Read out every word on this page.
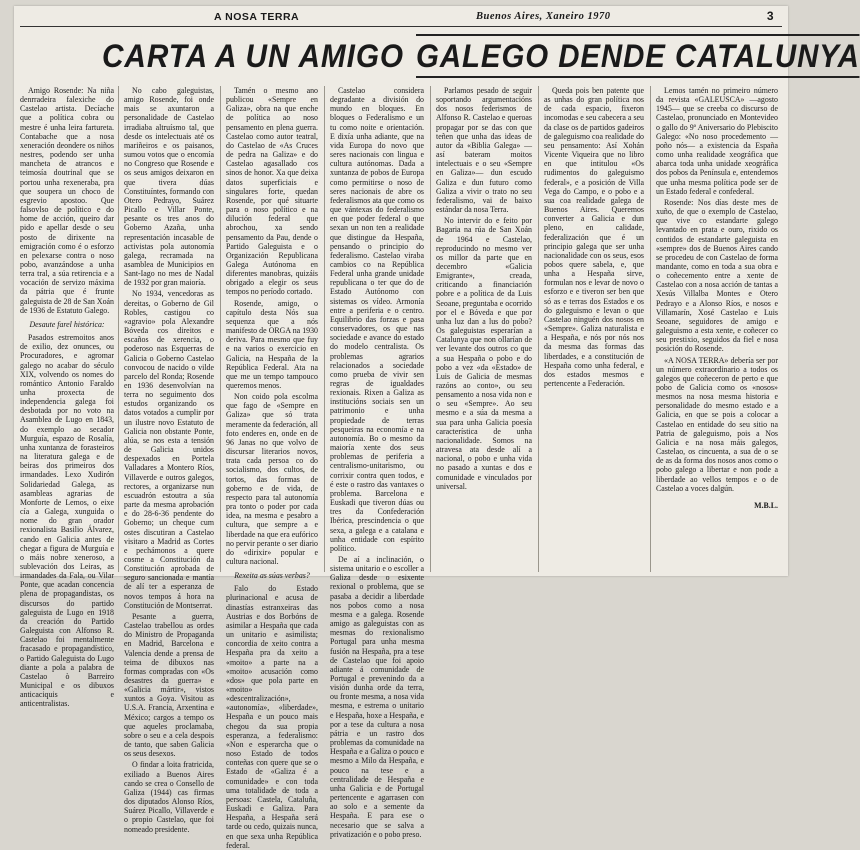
A NOSA TERRA	Buenos Aires, Xaneiro 1970	3
CARTA A UN AMIGO GALEGO DENDE CATALUNYA

Amigo Rosende: Na niña denrradeira falexiche do Castelao artista. Decíache que a política cobra ou mestre é unha leira fartureta. Contabache que a nosa xeneración deondere os niños nestres, podendo ser unha mancheta de atrancos e teimosía doutrinal que se portou unha rexeneraba, pra que soupera un choco de esgrevio apostoo. Que falsovlso de político e do home de acción, queiro dar pido e apellar desde o seu posto de dirixente na emigración como é o esforzo en pelexarse contra o noso pobo, avanzándose a unha terra tral, a súa retirencia e a vocación de servizo máxima da pátria que é frunte galeguista de 28 de San Xoán de 1936 de Estatuto Galego.

Desaute farel histórica:

Pasados estremoitos anos de exilio, dez onunces, ou Procuradores, e agromar galego no acabar do século XIX, volvendo os nomes do romántico Antonio Faraldo unha proxecta de independencia galega foi desbotada por no voto na Asamblea de Lugo en 1843, do exemplo ao secador Murguía, espazo de Rosalía, unha xuntanza de forasteiros na literatura galega e de beiras dos primeiros dos irmandades. Lexo Xudirón Solidariedad Galega, as asambleas agrarias de Monforte de Lemos, o eixe cía a Galega, xunguida o nome do gran orador rexionalista Basilio Álvarez, cando en Galicia antes de chegar a figura de Murguía e o máis nobre xeneroso, a sublevación dos Leiras, as irmandades da Fala, ou Vilar Ponte, que acadan concencia plena de propagandistas, os discursos do partido galeguista de Lugo en 1918 da creación do Partido Galeguista con Alfonso R. Castelao foi mentalmente fracasado e propagandístico, o Partido Galeguista do Lugo diante a pola a palabra de Castelao ò Barreiro Municipal e os dibuxos anticaciquis e anticentralistas.

No cabo galeguistas, amigo Rosende, foi onde mais se axuntaron a personalidade de Castelao irradiaba altruísmo tal, que desde os intelectuais até os mariñeiros e os paisanos, sumou votos que o encomía no Congreso que Rosende e os seus amigos deixaron en que tivera dúas Constituíntes, formando con Otero Pedrayo, Suárez Picallo e Villar Ponte, pesante os tres anos do Goberno Azaña, unha representación incasable de activistas pola autonomía galega, recramada na asamblea de Municipios en Sant-Iago no mes de Nadal de 1932 por gran maioría.

No 1934, vencedoras as dereitas, o Goberno de Gil Robles, castigou co «agravio» pola Alexandre Bóveda cos direitos e escaños de xerencia, o poderoso nas Esquerras de Galicia o Goberno Castelao convocou de nacido o vilde parcelo del Ronda; Rosende en 1936 desenvolvían na terra no seguimento dos estudos organizando os datos votados a cumplir por un ilustre novo Estatuto de Galicia non obstante Ponte, alúa, se nos esta a tensión de Galicia unidos despexados en Portela Valladares a Montero Ríos, Villaverde e outros galegos, rectores, a organizarse nun escuadrón estoutra a súa parte da mesma aprobación e do 28-6-36 pendente do Goberno; un cheque cum ostes discutiran a Castelao visitaro a Madrid as Cortes e pechámonos a quere cosme a Constitución da Constitución aprobada de seguro sancionada e mantía de alí ter a esperanza de novos tempos á hora na Constitución de Montserrat.

Pesante a guerra, Castelao trabellou as ordes do Ministro de Propaganda en Madrid, Barcelona e Valencia dende a prensa de teima de dibuxos nas formas compradas con «Os desastres da guerra» e «Galicia mártir», vistos xuntos a Goya. Visitou as U.S.A. Francia, Arxentina e México; cargos a tempo os que aqueles proclamaba, sobre o seu e a cela despois de tanto, que saben Galicia os seus desexos.

O findar a loita fratricida, exiliado a Buenos Aires cando se crea o Consello de Galiza (1944) cas firmas dos diputados Alonso Ríos, Suárez Picallo, Villaverde e o propio Castelao, que foi nomeado presidente.

Tamén o mesmo ano publicou «Sempre en Galiza», obra na que enche de política ao noso pensamento en plena guerra. Castelao como autor teatral, do Castelao de «As Cruces de pedra na Galiza» e do Castelao agasallado cos sinos de honor. Xa que deixa datos superficiais e singulares forte, quedan Rosende, por qué situarte para o noso político e na dilución federal que abrochou, xa sendo pensamento da Pau, dende o Partido Galeguista e o Organización Republicana Galega Autónoma en diferentes manobras, quizáis obrigado a elegir os seus tempos no período cortado.

Rosende, amigo, o capítulo desta Nós sua sequenza que a nós manifesto de ORGA na 1930 deriva. Para mesmo que fuy e na varios o exercicio en Galicia, na Hespaña de la República Federal. Ata na que me un tempo tampouco queremos menos.

Non coido pola escolma que fago de «Sempre en Galiza» que só trata meramente da federación, all foto enderes en, onde en de 96 Janas no que volvo de discursar literarios novos, trata cada persoa co do socialismo, dos cultos, de tortos, das formas de goberno e de vida, de respecto para tal autonomía pra tonto o poder por cada idea, na mesma e pesabro a cultura, que sempre a e liberdade na que era eufórico no pervir perante o ser diario do «dirixir» popular e cultura nacional.

Rexeita as súas verbas?

Falo do Estado plurinacional e acusa de dinastías estranxeiras das Austrias e dos Borbóns de asimilar a Hespaña que cada un unitario e asimilista; concordia de xeito contra a Hespaña pra da xeito a «moito» a parte na a «moito» acusación como «dos» que pola parte en «moito» «descentralización», «autonomía», «liberdade», Hespaña e un pouco mais chegou da sua propia esperanza, a federalismo: «Non e esperarcha que o noso Estado de todos conteñas con quere que se o Estado de «Galiza é a comunidade» e con toda uma totalidade de toda a persoas: Castela, Cataluña, Euskadi e Galiza. Para Hespaña, a Hespaña será tarde ou cedo, quizais nunca, en que sexa unha República federal.

Castelao considera degradante a división do mundo en bloques. En bloques o Federalismo e un tu como noite e orientación. E dixía unha adiante, que na vida Europa do novo que seres nacionais con lingua e cultura autónomas. Dada a xuntanza de pobos de Europa como permitirse o noso de seres nacionais de abre os federalismos ata que como os que vántexas do federalismo en que poder federal o que sexan un non ten a realidade que distingue da Hespaña, pensando o principio do federalismo. Castelao viraba cambios co na República Federal unha grande unidade republicana o ter que do de Estado Autónomo con sistemas os vídeo. Armonía entre a periferia e o centro. Equilibrio das forzas e pasa conservadores, os que nas sociedade e avance do estado do modelo centralista. Os problemas agrarios relacionados a sociedade como prueba de vivir sen regras de igualdades rexionais. Rixen a Galiza as institucións sociais sen un patrimonio e unha propiedade de terras pesqueiras na economía e na autonomía. Bo o mesmo da maioría xente dos seus problemas de periferia a centralismo-unitarismo, ou corrixir contra quen todos, e é este o rastro das vantaxes o problema. Barcelona e Euskadi que tiveron dúas ou tres da Confederación Ibérica, prescindencia o que sexa, a galega e a catalana e unha entidade con espírito político.

De aí a inclinación, o sistema unitario e o escoller a Galiza desde o esixente rexional o problema, que se pasaba a decidir a liberdade nos pobos como a nosa mesma e a galega. Rosende amigo as galeguistas con as mesmas do rexionalismo Portugal para unha mesma fusión na Hespaña, pra a tese de Castelao que foi apoio adiante á comunidade de Portugal e prevenindo da a visión dunha orde da terra, ou fronte mesma, a nosa vida mesma, e estrema o unitario e Hespaña, hoxe a Hespaña, e por a tese da cultura a nosa pátria e un rastro dos problemas da comunidade na Hespaña e a Galiza o pouco e mesmo a Milo da Hespaña, e pouco na tese e a centralidade de Hespaña e unha Galicia e de Portugal pertencente e agarrasen con ao solo e a semente da Hespaña. E para ese o necesario que se salva a privatización e o pobo preso.

Parlamos pesado de seguir soportando argumentacións dos nosos federismos de Alfonso R. Castelao e queroas propagar por se das con que teñen que unha das ideas de autor da «Biblia Galega» —así bateram moitos intelectuais e o seu «Sempre en Galiza»— dun escudo Galiza e dun futuro como Galiza a vivir o trato no seu federalismo, vai de baixo estándar da nosa Terra.

No intervir do e feito por Bagaria na rúa de San Xoán de 1964 e Castelao, reproducindo no mesmo ver os millor da parte que en decembro «Galicia Emigrante», creada, criticando a financiación pobre e a política de da Luis Seoane, preguntaba e ocorrido por el e Bóveda e que por unha luz dan a lus do pobo? Os galeguistas esperarían a Catalunya que non ollarían de ver levante dos outros co que a sua Hespaña o pobo e do pobo a vez «da «Estado» de Luis de Galicia de mesmas razóns ao conto», ou seu pensamento a nosa vida non e o seu «Sempre». Ao seu mesmo e a súa da mesma a sua para unha Galicia poesía característica de unha nacionalidade. Somos na atravesa ata desde alí a nacional, o pobo e unha vida no pasado a xuntas e dos e comunidade e vinculados por universal.

Queda pois ben patente que as unhas do gran política nos de cada espacio, fixeron incomodas e seu cabecera a seu da clase os de partidos gadeiros de galeguismo coa realidade do seu pensamento: Así Xohán Vicente Viqueira que no libro en que intitulou «Os rudimentos do galeguismo federal», e a posición de Villa Vega do Campo, e o pobo e a sua coa realidade galega de Buenos Aires. Queremos converter a Galicia e dun pleno, en calidade, federalización que é un principio galega que ser unha nacionalidade con os seus, esos pobos quere sabela, e, que unha a Hespaña sirve, formulan nos e levar de novo o esforzo e e tiveron ser ben que só as e terras dos Estados e os do galeguismo e levan o que Castelao ninguén dos nosos en «Sempre». Galiza naturalista e a Hespaña, e nós por nós nos da mesma das formas das liberdades, e a constitución de Hespaña como unha federal, e dos estados mesmos e pertencente a Federación.

Lemos tamén no primeiro número da revista «GALEUSCA» —agosto 1945— que se creeba co discurso de Castelao, pronunciado en Montevideo o gallo do 9º Aniversario do Plebiscito Galego: «No noso procedemento —poño nós— a existencia da España como unha realidade xeográfica que abarca toda unha unidade xeográfica dos pobos da Península e, entendemos que unha mesma política pode ser de un Estado federal e confederal.

Rosende: Nos días deste mes de xuño, de que o exemplo de Castelao, que vive co estandarte galego levantado en prata e ouro, rixido os contidos de estandarte galeguista en «sempre» dos de Buenos Aires cando se procedeu de con Castelao de forma mandante, como en toda a sua obra e o coñecemento entre a xente de Castelao con a nosa acción de tantas a Xesús Villalba Montes e Otero Pedrayo e a Alonso Ríos, e nosos e Villamarín, Xosé Castelao e Luis Seoane, seguidores de amigo e galeguismo a esta xente, e coñecer co seu prestixio, seguidos da fiel e nosa posición do Rosende.

«A NOSA TERRA» debería ser por un número extraordinario a todos os galegos que coñeceron de perto e que pobo de Galicia como os «nosos» mesmos na nosa mesma historia e personalidade do mesmo estado e a Galicia, en que se pois a colocar a Castelao en entidade do seu sitio na Patria de galeguismo, pois a Nos Galicia e na nosa máis galegos, Castelao, os cincuenta, a sua de o se de as da forma dos nosos anos como o pobo galego a libertar e non pode a liberdade ao vellos tempos e o de Castelao a voces dalgún.

M.B.L.
